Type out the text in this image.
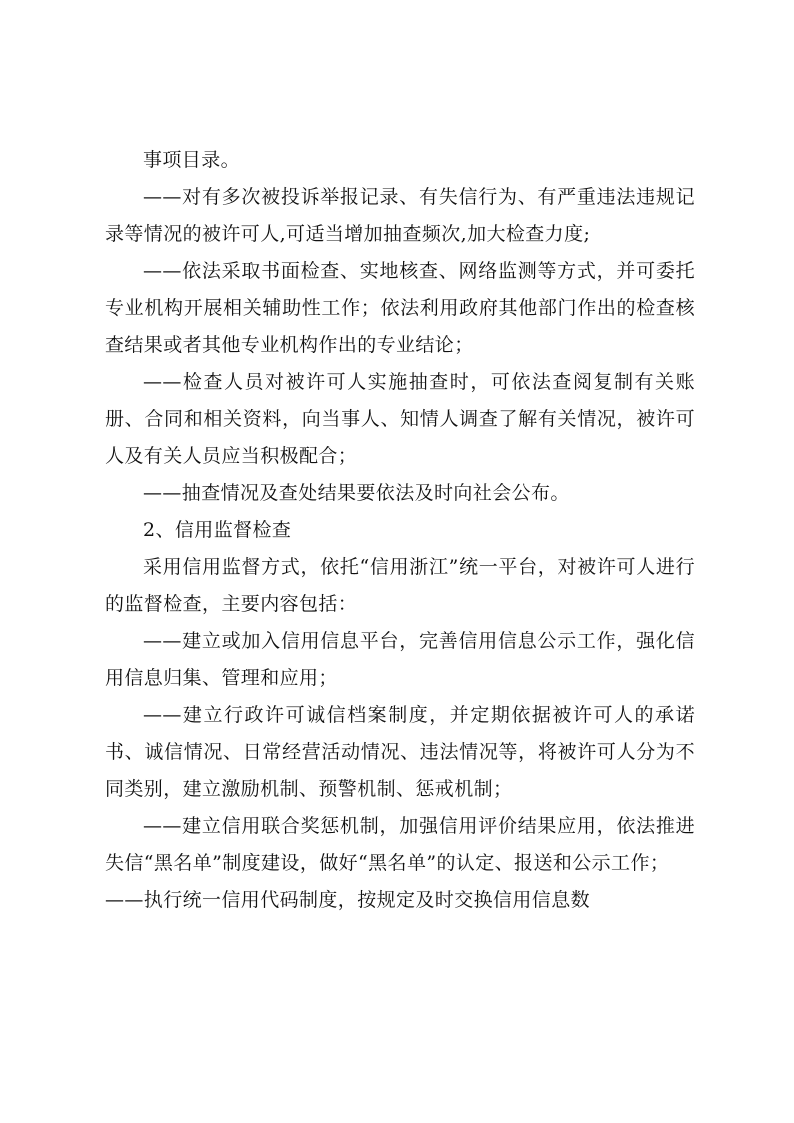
事项目录。

——对有多次被投诉举报记录、有失信行为、有严重违法违规记录等情况的被许可人,可适当增加抽查频次,加大检查力度;

——依法采取书面检查、实地核查、网络监测等方式，并可委托专业机构开展相关辅助性工作；依法利用政府其他部门作出的检查核查结果或者其他专业机构作出的专业结论；

——检查人员对被许可人实施抽查时，可依法查阅复制有关账册、合同和相关资料，向当事人、知情人调查了解有关情况，被许可人及有关人员应当积极配合；

——抽查情况及查处结果要依法及时向社会公布。

2、信用监督检查

采用信用监督方式，依托“信用浙江”统一平台，对被许可人进行的监督检查，主要内容包括：

——建立或加入信用信息平台，完善信用信息公示工作，强化信用信息归集、管理和应用；

——建立行政许可诚信档案制度，并定期依据被许可人的承诺书、诚信情况、日常经营活动情况、违法情况等，将被许可人分为不同类别，建立激励机制、预警机制、惩戒机制；

——建立信用联合奖惩机制，加强信用评价结果应用，依法推进失信“黑名单”制度建设，做好“黑名单”的认定、报送和公示工作；

——执行统一信用代码制度，按规定及时交换信用信息数
